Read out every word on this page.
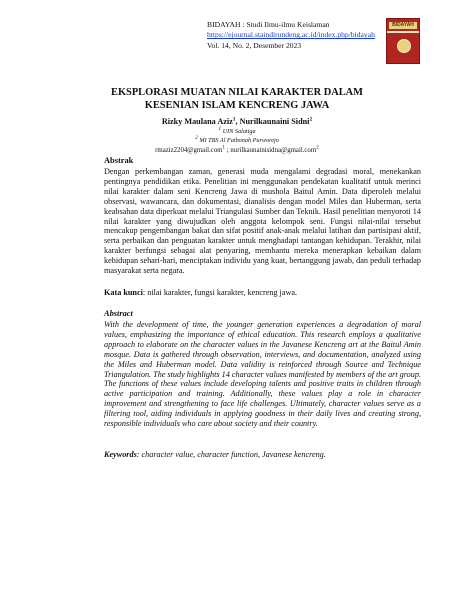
BIDAYAH : Studi Ilmu-ilmu Keislaman
https://ejournal.staindirundeng.ac.id/index.php/bidayah
Vol. 14, No. 2, Desember 2023
BIDAYAH
EKSPLORASI MUATAN NILAI KARAKTER DALAM
KESENIAN ISLAM KENCRENG JAWA
Rizky Maulana Aziz$^1$, Nurilkaunaini Sidni$^2$
$^1$ UIN Salatiga
$^2$ MI TBS Al Fathonah Purworejo
rmaziz2204@gmail.com$^1$ ; nurilkaunainisidna@gmail.com$^2$
Abstrak

Dengan perkembangan zaman, generasi muda mengalami degradasi moral, menekankan pentingnya pendidikan etika. Penelitian ini menggunakan pendekatan kualitatif untuk merinci nilai karakter dalam seni Kencreng Jawa di mushola Baitul Amin. Data diperoleh melalui observasi, wawancara, dan dokumentasi, dianalisis dengan model Miles dan Huberman, serta keabsahan data diperkuat melalui Triangulasi Sumber dan Teknik. Hasil penelitian menyoroti 14 nilai karakter yang diwujudkan oleh anggota kelompok seni. Fungsi nilai-nilai tersebut mencakup pengembangan bakat dan sifat positif anak-anak melalui latihan dan partisipasi aktif, serta perbaikan dan penguatan karakter untuk menghadapi tantangan kehidupan. Terakhir, nilai karakter berfungsi sebagai alat penyaring, membantu mereka menerapkan kebaikan dalam kehidupan sehari-hari, menciptakan individu yang kuat, bertanggung jawab, dan peduli terhadap masyarakat serta negara.

Kata kunci: nilai karakter, fungsi karakter, kencreng jawa.
Abstract

With the development of time, the younger generation experiences a degradation of moral values, emphasizing the importance of ethical education. This research employs a qualitative approach to elaborate on the character values in the Javanese Kencreng art at the Baitul Amin mosque. Data is gathered through observation, interviews, and documentation, analyzed using the Miles and Huberman model. Data validity is reinforced through Source and Technique Triangulation. The study highlights 14 character values manifested by members of the art group. The functions of these values include developing talents and positive traits in children through active participation and training. Additionally, these values play a role in character improvement and strengthening to face life challenges. Ultimately, character values serve as a filtering tool, aiding individuals in applying goodness in their daily lives and creating strong, responsible individuals who care about society and their country.

Keywords: character value, character function, Javanese kencreng.
